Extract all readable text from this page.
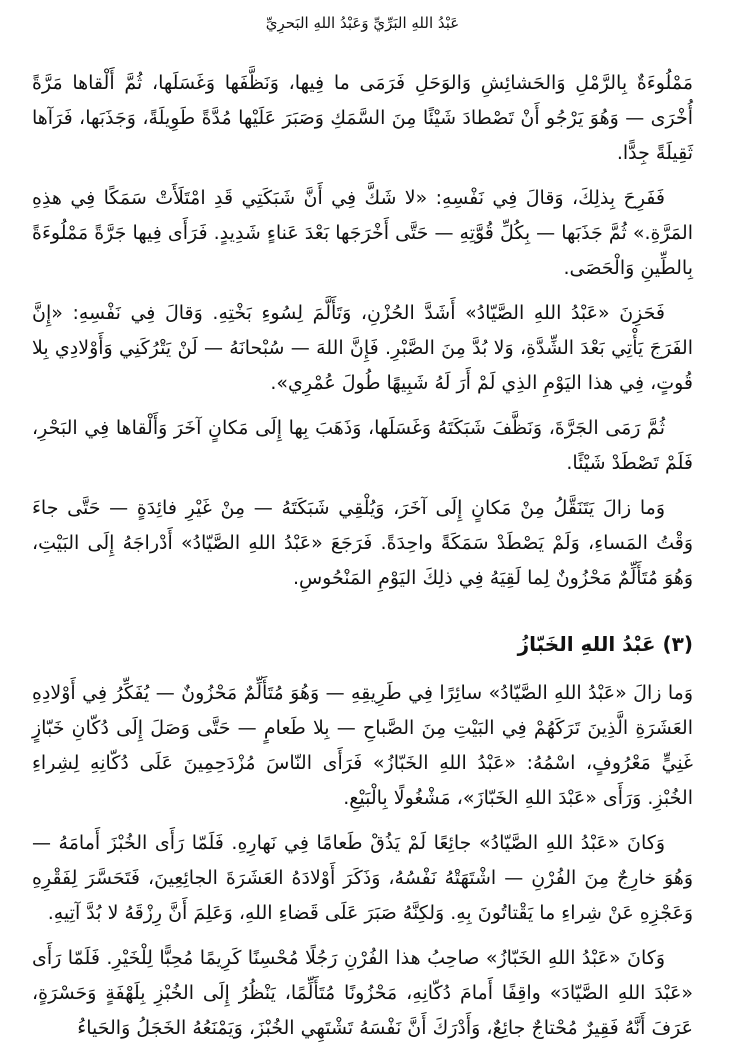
عَبْدُ اللهِ البَرِّيِّ وَعَبْدُ اللهِ البَحرِيِّ

مَمْلُوءَةٌ بِالرَّمْلِ وَالحَشائِشِ وَالوَحَلِ فَرَمَى ما فِيها، وَنَظَّفَها وَغَسَلَها، ثُمَّ أَلْقاها مَرَّةً أُخْرَى — وَهُوَ يَرْجُو أَنْ تَصْطادَ شَيْئًا مِنَ السَّمَكِ وَصَبَرَ عَلَيْها مُدَّةً طَوِيلَةً، وَجَذَبَها، فَرَآها ثَقِيلَةً جِدًّا.

فَفَرِحَ بِذلِكَ، وَقالَ فِي نَفْسِهِ: «لا شَكَّ فِي أَنَّ شَبَكَتِي قَدِ امْتَلَأَتْ سَمَكًا فِي هذِهِ المَرَّةِ.» ثُمَّ جَذَبَها — بِكُلِّ قُوَّتِهِ — حَتَّى أَخْرَجَها بَعْدَ عَناءٍ شَدِيدٍ. فَرَأَى فِيها جَرَّةً مَمْلُوءَةً بِالطِّينِ وَالْحَصَى.

فَحَزِنَ «عَبْدُ اللهِ الصَّيّادُ» أَشَدَّ الحُزْنِ، وَتَأَلَّمَ لِسُوءِ بَخْتِهِ. وَقالَ فِي نَفْسِهِ: «إِنَّ الفَرَجَ يَأْتِي بَعْدَ الشِّدَّةِ، وَلا بُدَّ مِنَ الصَّبْرِ. فَإِنَّ اللهَ — سُبْحانَهُ — لَنْ يَتْرُكَنِي وَأَوْلادِي بِلا قُوتٍ، فِي هذا اليَوْمِ الذِي لَمْ أَرَ لَهُ شَبِيهًا طُولَ عُمْرِي».

ثُمَّ رَمَى الجَرَّةَ، وَنَظَّفَ شَبَكَتَهُ وَغَسَلَها، وَذَهَبَ بِها إِلَى مَكانٍ آخَرَ وَأَلْقاها فِي البَحْرِ، فَلَمْ تَصْطَدْ شَيْئًا.

وَما زالَ يَتَنَقَّلُ مِنْ مَكانٍ إِلَى آخَرَ، وَيُلْقِي شَبَكَتَهُ — مِنْ غَيْرِ فائِدَةٍ — حَتَّى جاءَ وَقْتُ المَساءِ، وَلَمْ يَصْطَدْ سَمَكَةً واحِدَةً. فَرَجَعَ «عَبْدُ اللهِ الصَّيّادُ» أَدْراجَهُ إِلَى البَيْتِ، وَهُوَ مُتَأَلِّمٌ مَحْزُونٌ لِما لَقِيَهُ فِي ذلِكَ اليَوْمِ المَنْحُوسِ.

(٣) عَبْدُ اللهِ الخَبّازُ

وَما زالَ «عَبْدُ اللهِ الصَّيّادُ» سائِرًا فِي طَرِيقِهِ — وَهُوَ مُتَأَلِّمٌ مَحْزُونٌ — يُفَكِّرُ فِي أَوْلادِهِ العَشَرَةِ الَّذِينَ تَرَكَهُمْ فِي البَيْتِ مِنَ الصَّباحِ — بِلا طَعامٍ — حَتَّى وَصَلَ إِلَى دُكّانِ خَبّازٍ غَنِيٍّ مَعْرُوفٍ، اسْمُهُ: «عَبْدُ اللهِ الخَبّازُ» فَرَأَى النّاسَ مُزْدَحِمِينَ عَلَى دُكّانِهِ لِشِراءِ الخُبْزِ. وَرَأَى «عَبْدَ اللهِ الخَبّازَ»، مَشْغُولًا بِالْبَيْعِ.

وَكانَ «عَبْدُ اللهِ الصَّيّادُ» جائِعًا لَمْ يَذُقْ طَعامًا فِي نَهارِهِ. فَلَمّا رَأَى الخُبْزَ أَمامَهُ — وَهُوَ خارِجٌ مِنَ الفُرْنِ — اشْتَهَتْهُ نَفْسُهُ، وَذَكَرَ أَوْلادَهُ العَشَرَةَ الجائِعِينَ، فَتَحَسَّرَ لِفَقْرِهِ وَعَجْزِهِ عَنْ شِراءِ ما يَقْتاتُونَ بِهِ. وَلكِنَّهُ صَبَرَ عَلَى قَضاءِ اللهِ، وَعَلِمَ أَنَّ رِزْقَهُ لا بُدَّ آتِيهِ.

وَكانَ «عَبْدُ اللهِ الخَبّازُ» صاحِبُ هذا الفُرْنِ رَجُلًا مُحْسِنًا كَرِيمًا مُحِبًّا لِلْخَيْرِ. فَلَمّا رَأَى «عَبْدَ اللهِ الصَّيّادَ» واقِفًا أَمامَ دُكّانِهِ، مَحْزُونًا مُتَأَلِّمًا، يَنْظُرُ إِلَى الخُبْزِ بِلَهْفَةٍ وَحَسْرَةٍ، عَرَفَ أَنَّهُ فَقِيرٌ مُحْتاجٌ جائِعٌ، وَأَدْرَكَ أَنَّ نَفْسَهُ تَشْتَهِي الخُبْزَ، وَيَمْنَعُهُ الخَجَلُ وَالحَياءُ
